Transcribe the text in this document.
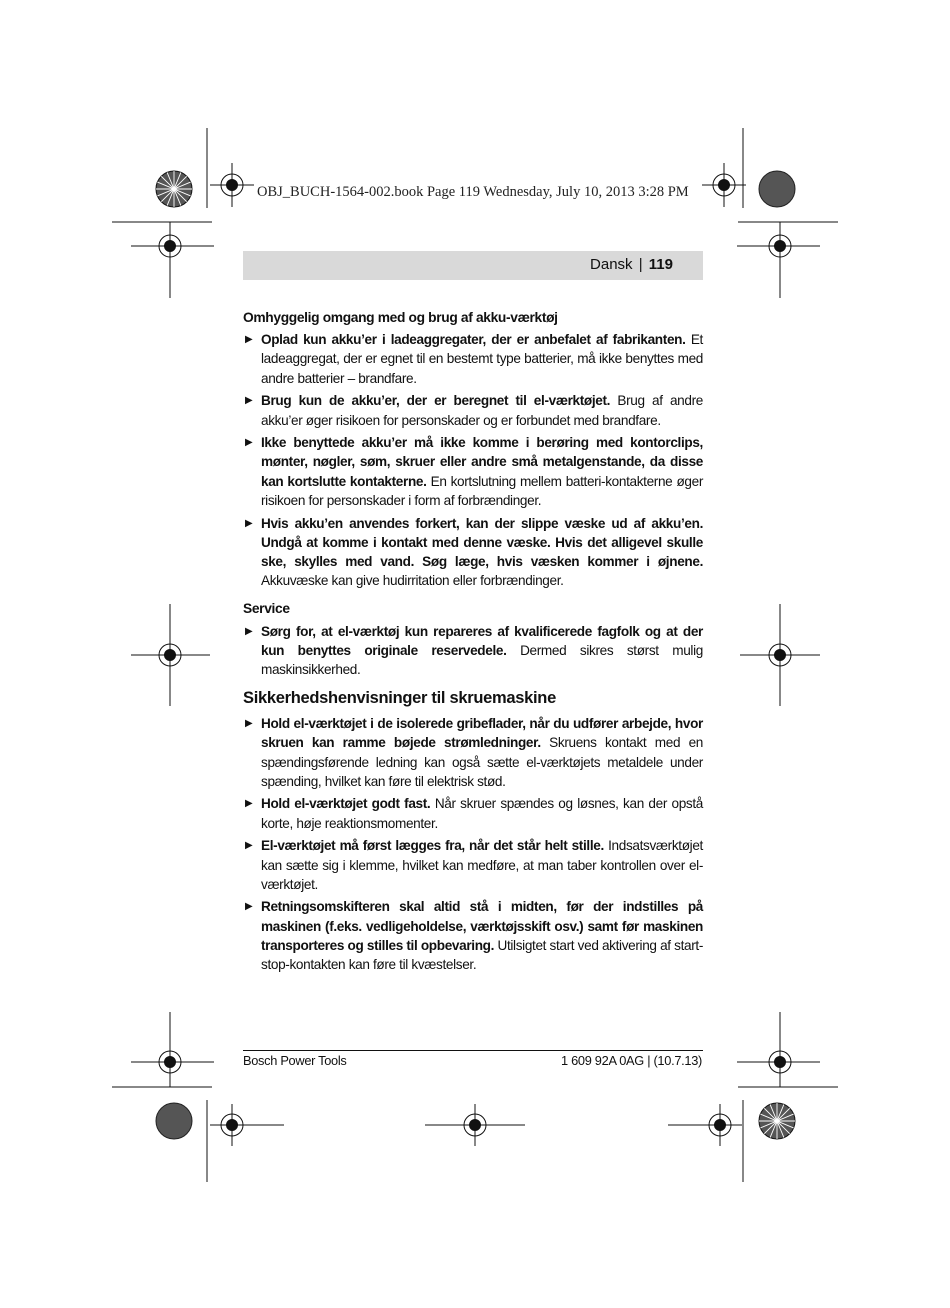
OBJ_BUCH-1564-002.book Page 119 Wednesday, July 10, 2013 3:28 PM
Dansk | 119
Omhyggelig omgang med og brug af akku-værktøj
▶ Oplad kun akku’er i ladeaggregater, der er anbefalet af fabrikanten. Et ladeaggregat, der er egnet til en bestemt type batterier, må ikke benyttes med andre batterier – brandfare.
▶ Brug kun de akku’er, der er beregnet til el-værktøjet. Brug af andre akku’er øger risikoen for personskader og er forbundet med brandfare.
▶ Ikke benyttede akku’er må ikke komme i berøring med kontorclips, mønter, nøgler, søm, skruer eller andre små metalgenstande, da disse kan kortslutte kontakterne. En kortslutning mellem batteri-kontakterne øger risikoen for personskader i form af forbrændinger.
▶ Hvis akku’en anvendes forkert, kan der slippe væske ud af akku’en. Undgå at komme i kontakt med denne væske. Hvis det alligevel skulle ske, skylles med vand. Søg læge, hvis væsken kommer i øjnene. Akkuvæske kan give hudirritation eller forbrændinger.
Service
▶ Sørg for, at el-værktøj kun repareres af kvalificerede fagfolk og at der kun benyttes originale reservedele. Dermed sikres størst mulig maskinsikkerhed.
Sikkerhedshenvisninger til skruemaskine
▶ Hold el-værktøjet i de isolerede gribeflader, når du udfører arbejde, hvor skruen kan ramme bøjede strømledninger. Skruens kontakt med en spændingsførende ledning kan også sætte el-værktøjets metaldele under spænding, hvilket kan føre til elektrisk stød.
▶ Hold el-værktøjet godt fast. Når skruer spændes og løsnes, kan der opstå korte, høje reaktionsmomenter.
▶ El-værktøjet må først lægges fra, når det står helt stille. Indsatsværktøjet kan sætte sig i klemme, hvilket kan medføre, at man taber kontrollen over el-værktøjet.
▶ Retningsomskifteren skal altid stå i midten, før der indstilles på maskinen (f.eks. vedligeholdelse, værktøjsskift osv.) samt før maskinen transporteres og stilles til opbevaring. Utilsigtet start ved aktivering af start-stop-kontakten kan føre til kvæstelser.
Bosch Power Tools	1 609 92A 0AG | (10.7.13)
